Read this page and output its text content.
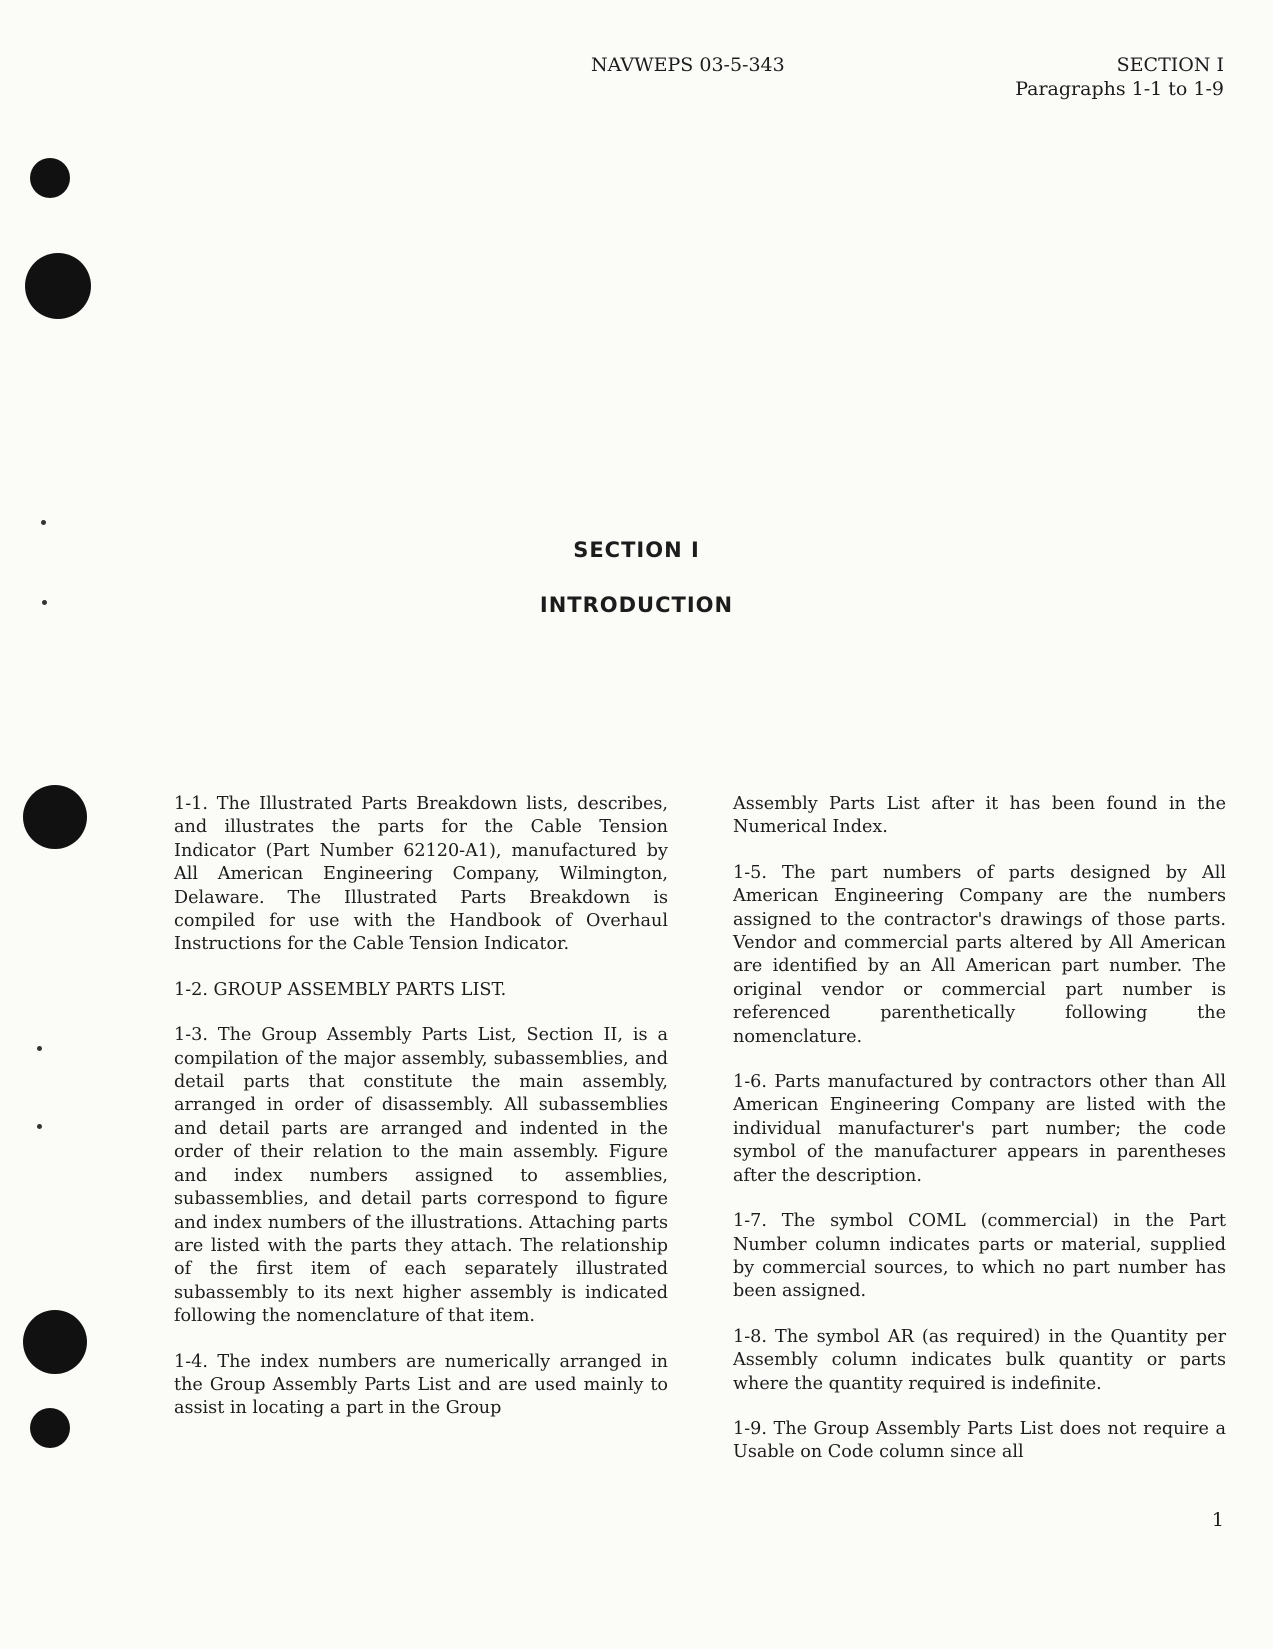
NAVWEPS 03-5-343	SECTION I
Paragraphs 1-1 to 1-9
SECTION I
INTRODUCTION

1-1. The Illustrated Parts Breakdown lists, describes, and illustrates the parts for the Cable Tension Indicator (Part Number 62120-A1), manufactured by All American Engineering Company, Wilmington, Delaware. The Illustrated Parts Breakdown is compiled for use with the Handbook of Overhaul Instructions for the Cable Tension Indicator.

1-2. GROUP ASSEMBLY PARTS LIST.

1-3. The Group Assembly Parts List, Section II, is a compilation of the major assembly, subassemblies, and detail parts that constitute the main assembly, arranged in order of disassembly. All subassemblies and detail parts are arranged and indented in the order of their relation to the main assembly. Figure and index numbers assigned to assemblies, subassemblies, and detail parts correspond to figure and index numbers of the illustrations. Attaching parts are listed with the parts they attach. The relationship of the first item of each separately illustrated subassembly to its next higher assembly is indicated following the nomenclature of that item.

1-4. The index numbers are numerically arranged in the Group Assembly Parts List and are used mainly to assist in locating a part in the Group

Assembly Parts List after it has been found in the Numerical Index.

1-5. The part numbers of parts designed by All American Engineering Company are the numbers assigned to the contractor's drawings of those parts. Vendor and commercial parts altered by All American are identified by an All American part number. The original vendor or commercial part number is referenced parenthetically following the nomenclature.

1-6. Parts manufactured by contractors other than All American Engineering Company are listed with the individual manufacturer's part number; the code symbol of the manufacturer appears in parentheses after the description.

1-7. The symbol COML (commercial) in the Part Number column indicates parts or material, supplied by commercial sources, to which no part number has been assigned.

1-8. The symbol AR (as required) in the Quantity per Assembly column indicates bulk quantity or parts where the quantity required is indefinite.

1-9. The Group Assembly Parts List does not require a Usable on Code column since all

1
